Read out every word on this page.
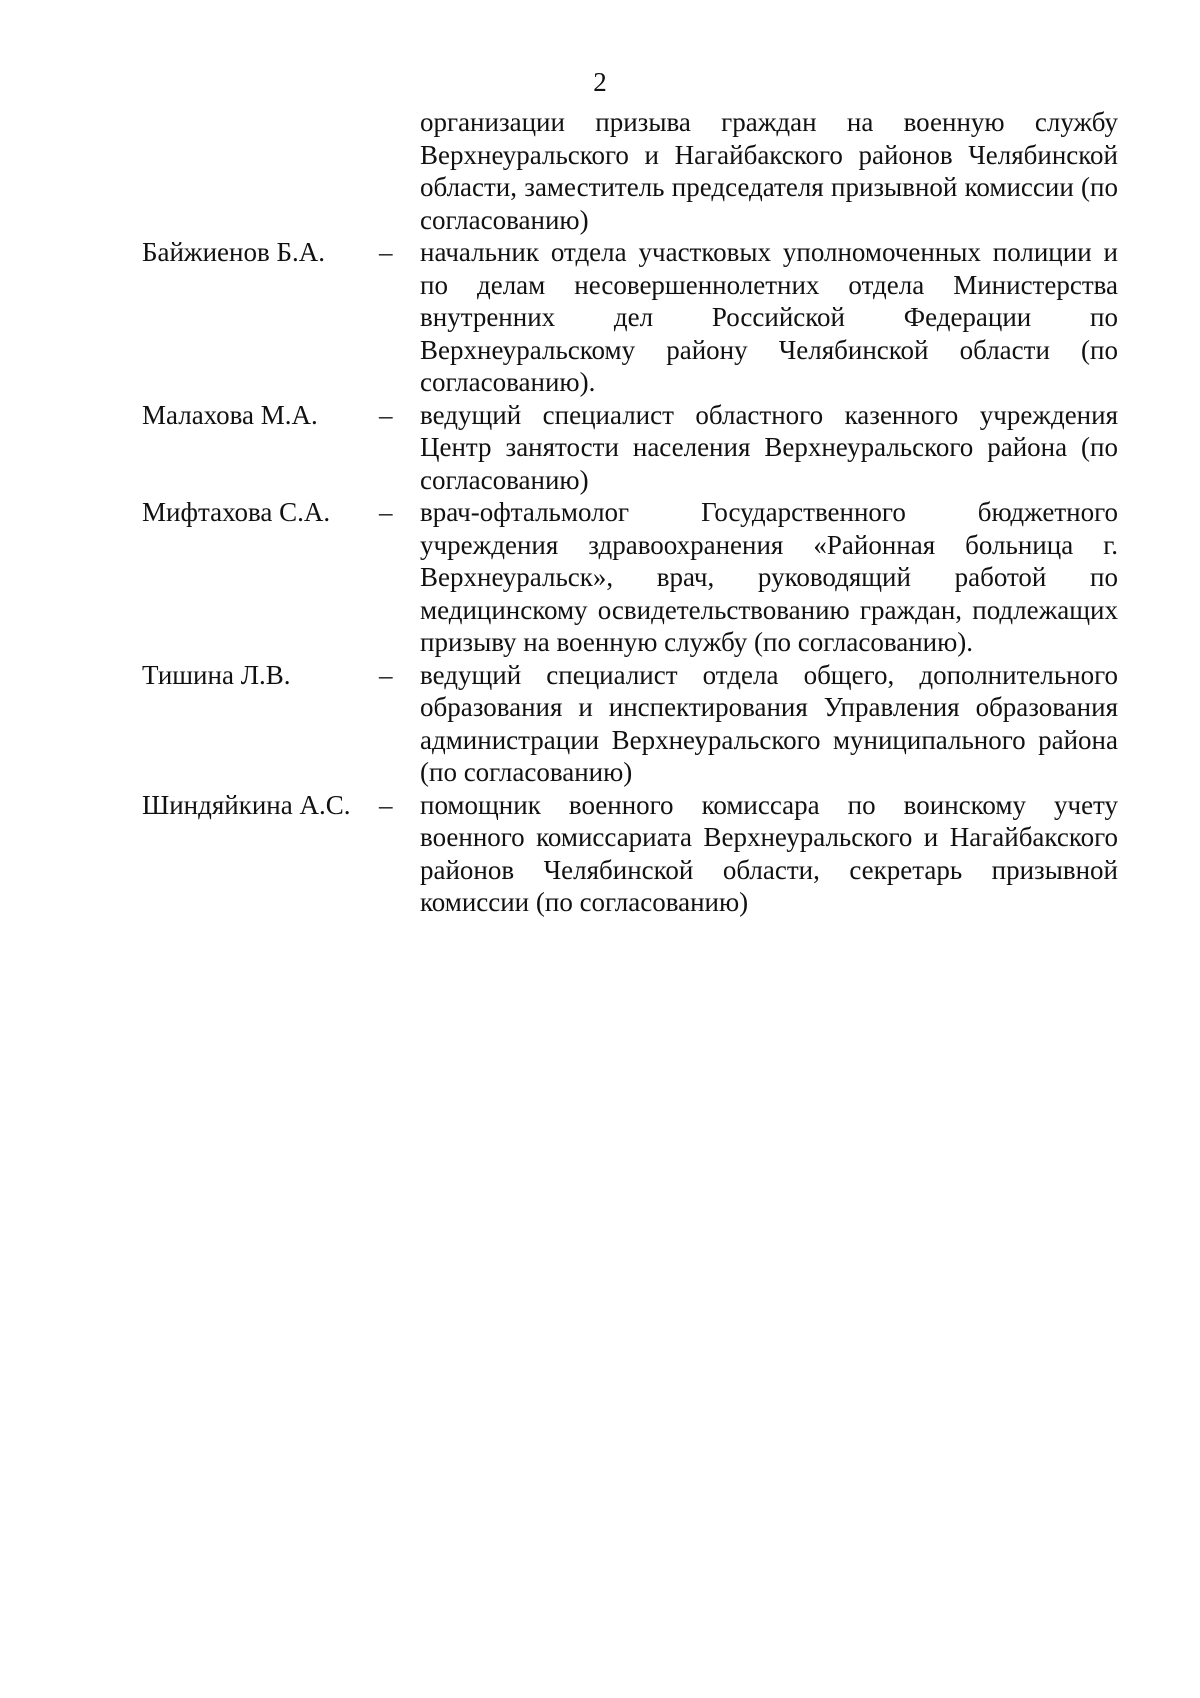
2
организации призыва граждан на военную службу Верхнеуральского и Нагайбакского районов Челябинской области, заместитель председателя призывной комиссии (по согласованию)
Байжиенов Б.А.	–	начальник отдела участковых уполномоченных полиции и по делам несовершеннолетних отдела Министерства внутренних дел Российской Федерации по Верхнеуральскому району Челябинской области (по согласованию).
Малахова М.А.	–	ведущий специалист областного казенного учреждения Центр занятости населения Верхнеуральского района (по согласованию)
Мифтахова С.А.	–	врач-офтальмолог Государственного бюджетного учреждения здравоохранения «Районная больница г. Верхнеуральск», врач, руководящий работой по медицинскому освидетельствованию граждан, подлежащих призыву на военную службу (по согласованию).
Тишина Л.В.	–	ведущий специалист отдела общего, дополнительного образования и инспектирования Управления образования администрации Верхнеуральского муниципального района (по согласованию)
Шиндяйкина А.С.	–	помощник военного комиссара по воинскому учету военного комиссариата Верхнеуральского и Нагайбакского районов Челябинской области, секретарь призывной комиссии (по согласованию)
